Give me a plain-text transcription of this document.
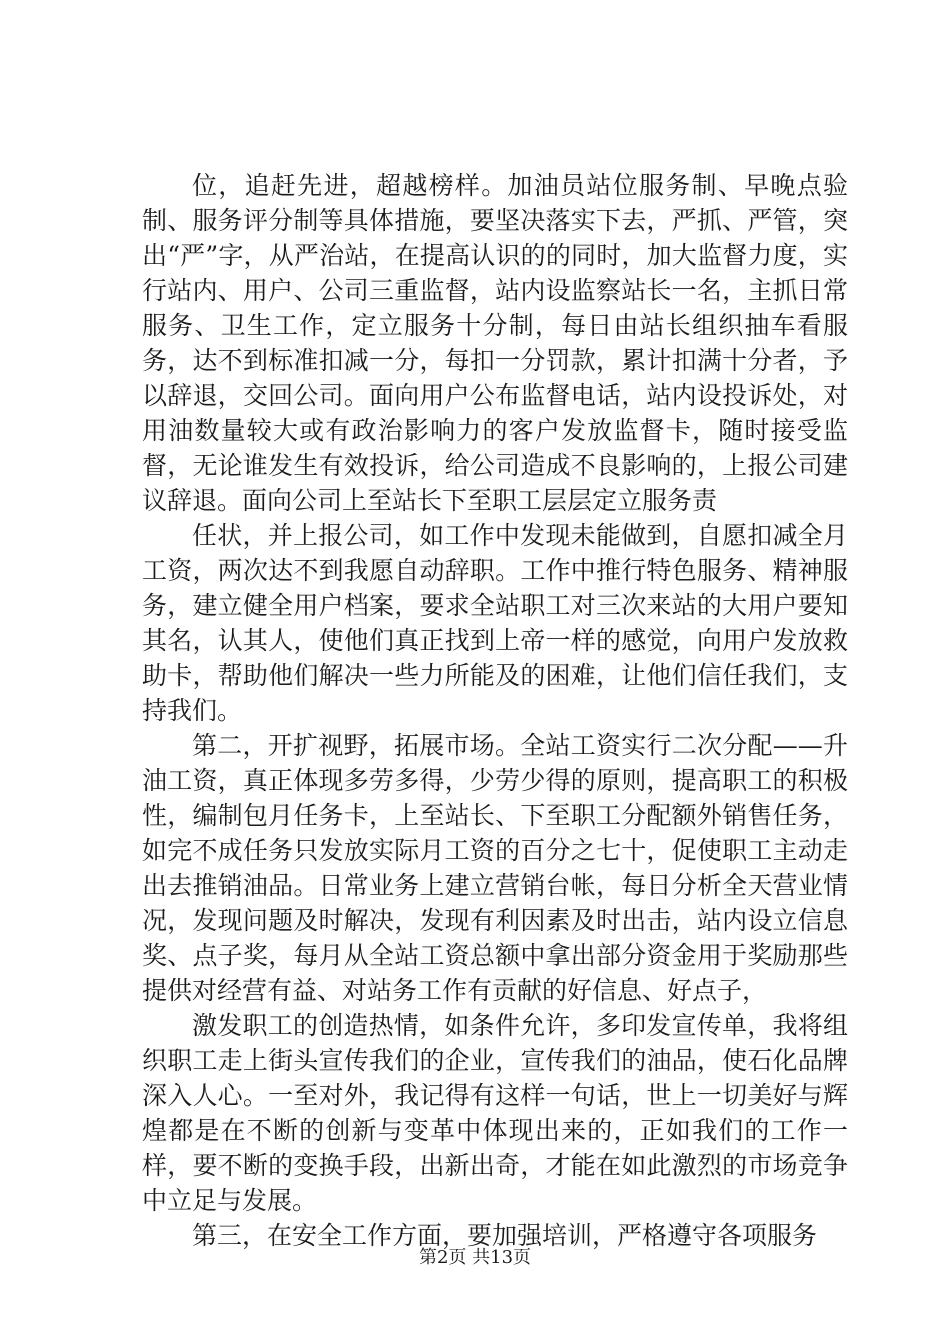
位，追赶先进，超越榜样。加油员站位服务制、早晚点验制、服务评分制等具体措施，要坚决落实下去，严抓、严管，突出“严”字，从严治站，在提高认识的的同时，加大监督力度，实行站内、用户、公司三重监督，站内设监察站长一名，主抓日常服务、卫生工作，定立服务十分制，每日由站长组织抽车看服务，达不到标准扣减一分，每扣一分罚款，累计扣满十分者，予以辞退，交回公司。面向用户公布监督电话，站内设投诉处，对用油数量较大或有政治影响力的客户发放监督卡，随时接受监督，无论谁发生有效投诉，给公司造成不良影响的，上报公司建议辞退。面向公司上至站长下至职工层层定立服务责

任状，并上报公司，如工作中发现未能做到，自愿扣减全月工资，两次达不到我愿自动辞职。工作中推行特色服务、精神服务，建立健全用户档案，要求全站职工对三次来站的大用户要知其名，认其人，使他们真正找到上帝一样的感觉，向用户发放救助卡，帮助他们解决一些力所能及的困难，让他们信任我们，支持我们。

第二，开扩视野，拓展市场。全站工资实行二次分配——升油工资，真正体现多劳多得，少劳少得的原则，提高职工的积极性，编制包月任务卡，上至站长、下至职工分配额外销售任务，如完不成任务只发放实际月工资的百分之七十，促使职工主动走出去推销油品。日常业务上建立营销台帐，每日分析全天营业情况，发现问题及时解决，发现有利因素及时出击，站内设立信息奖、点子奖，每月从全站工资总额中拿出部分资金用于奖励那些提供对经营有益、对站务工作有贡献的好信息、好点子，

激发职工的创造热情，如条件允许，多印发宣传单，我将组织职工走上街头宣传我们的企业，宣传我们的油品，使石化品牌深入人心。一至对外，我记得有这样一句话，世上一切美好与辉煌都是在不断的创新与变革中体现出来的，正如我们的工作一样，要不断的变换手段，出新出奇，才能在如此激烈的市场竞争中立足与发展。

第三，在安全工作方面，要加强培训，严格遵守各项服务

第2页 共13页
